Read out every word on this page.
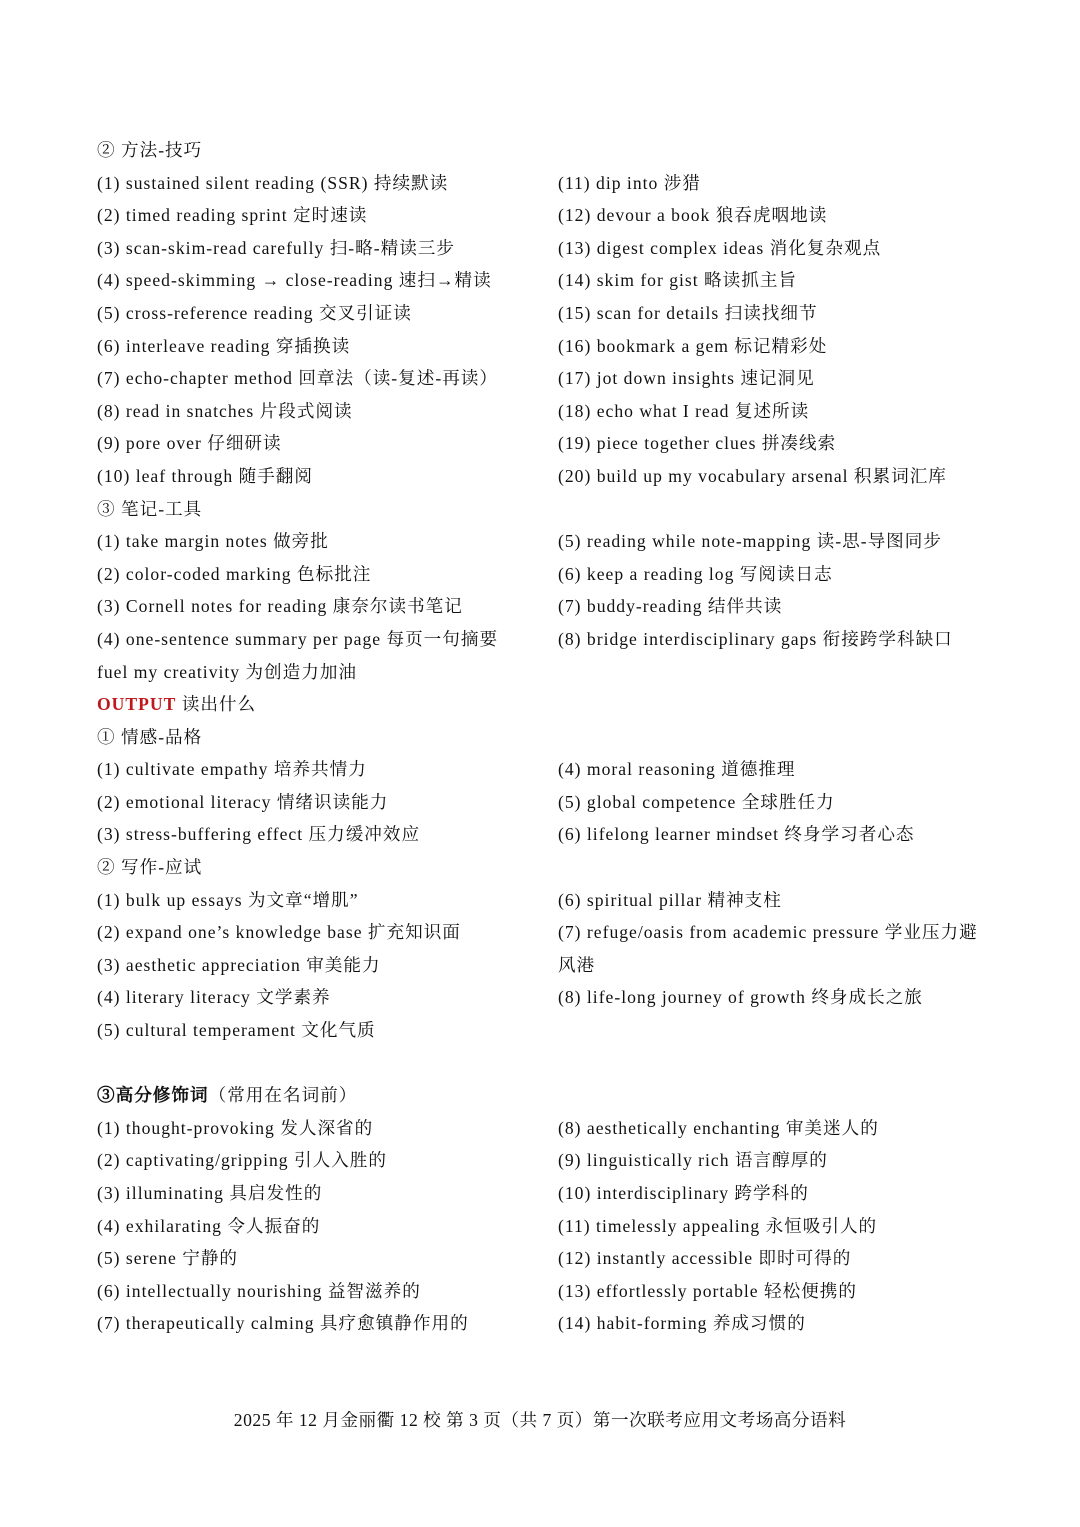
② 方法-技巧
(1) sustained silent reading (SSR) 持续默读	(11) dip into 涉猎
(2) timed reading sprint 定时速读	(12) devour a book 狼吞虎咽地读
(3) scan-skim-read carefully 扫-略-精读三步	(13) digest complex ideas 消化复杂观点
(4) speed-skimming → close-reading 速扫→精读	(14) skim for gist 略读抓主旨
(5) cross-reference reading 交叉引证读	(15) scan for details 扫读找细节
(6) interleave reading 穿插换读	(16) bookmark a gem 标记精彩处
(7) echo-chapter method 回章法（读-复述-再读）	(17) jot down insights 速记洞见
(8) read in snatches 片段式阅读	(18) echo what I read 复述所读
(9) pore over 仔细研读	(19) piece together clues 拼凑线索
(10) leaf through 随手翻阅	(20) build up my vocabulary arsenal 积累词汇库
③ 笔记-工具
(1) take margin notes 做旁批	(5) reading while note-mapping 读-思-导图同步
(2) color-coded marking 色标批注	(6) keep a reading log 写阅读日志
(3) Cornell notes for reading 康奈尔读书笔记	(7) buddy-reading 结伴共读
(4) one-sentence summary per page 每页一句摘要	(8) bridge interdisciplinary gaps 衔接跨学科缺口
fuel my creativity 为创造力加油
OUTPUT 读出什么
① 情感-品格
(1) cultivate empathy 培养共情力	(4) moral reasoning 道德推理
(2) emotional literacy 情绪识读能力	(5) global competence 全球胜任力
(3) stress-buffering effect 压力缓冲效应	(6) lifelong learner mindset 终身学习者心态
② 写作-应试
(1) bulk up essays 为文章“增肌”	(6) spiritual pillar 精神支柱
(2) expand one’s knowledge base 扩充知识面	(7) refuge/oasis from academic pressure 学业压力避
风港
(3) aesthetic appreciation 审美能力
(4) literary literacy 文学素养	(8) life-long journey of growth 终身成长之旅
(5) cultural temperament 文化气质
③高分修饰词（常用在名词前）
(1) thought-provoking 发人深省的	(8) aesthetically enchanting 审美迷人的
(2) captivating/gripping 引人入胜的	(9) linguistically rich 语言醇厚的
(3) illuminating 具启发性的	(10) interdisciplinary 跨学科的
(4) exhilarating 令人振奋的	(11) timelessly appealing 永恒吸引人的
(5) serene 宁静的	(12) instantly accessible 即时可得的
(6) intellectually nourishing 益智滋养的	(13) effortlessly portable 轻松便携的
(7) therapeutically calming 具疗愈镇静作用的	(14) habit-forming 养成习惯的
2025 年 12 月金丽衢 12 校 第 3 页（共 7 页）第一次联考应用文考场高分语料
